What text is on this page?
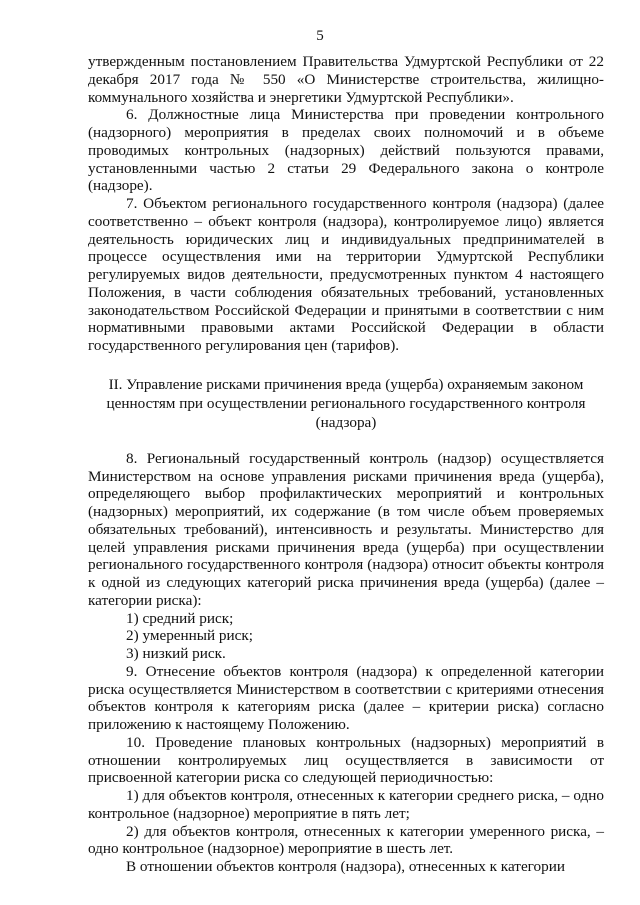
5

утвержденным постановлением Правительства Удмуртской Республики от 22 декабря 2017 года № 550 «О Министерстве строительства, жилищно-коммунального хозяйства и энергетики Удмуртской Республики».

6. Должностные лица Министерства при проведении контрольного (надзорного) мероприятия в пределах своих полномочий и в объеме проводимых контрольных (надзорных) действий пользуются правами, установленными частью 2 статьи 29 Федерального закона о контроле (надзоре).

7. Объектом регионального государственного контроля (надзора) (далее соответственно – объект контроля (надзора), контролируемое лицо) является деятельность юридических лиц и индивидуальных предпринимателей в процессе осуществления ими на территории Удмуртской Республики регулируемых видов деятельности, предусмотренных пунктом 4 настоящего Положения, в части соблюдения обязательных требований, установленных законодательством Российской Федерации и принятыми в соответствии с ним нормативными правовыми актами Российской Федерации в области государственного регулирования цен (тарифов).

II. Управление рисками причинения вреда (ущерба) охраняемым законом ценностям при осуществлении регионального государственного контроля (надзора)

8. Региональный государственный контроль (надзор) осуществляется Министерством на основе управления рисками причинения вреда (ущерба), определяющего выбор профилактических мероприятий и контрольных (надзорных) мероприятий, их содержание (в том числе объем проверяемых обязательных требований), интенсивность и результаты. Министерство для целей управления рисками причинения вреда (ущерба) при осуществлении регионального государственного контроля (надзора) относит объекты контроля к одной из следующих категорий риска причинения вреда (ущерба) (далее – категории риска):

1) средний риск;

2) умеренный риск;

3) низкий риск.

9. Отнесение объектов контроля (надзора) к определенной категории риска осуществляется Министерством в соответствии с критериями отнесения объектов контроля к категориям риска (далее – критерии риска) согласно приложению к настоящему Положению.

10. Проведение плановых контрольных (надзорных) мероприятий в отношении контролируемых лиц осуществляется в зависимости от присвоенной категории риска со следующей периодичностью:

1) для объектов контроля, отнесенных к категории среднего риска, – одно контрольное (надзорное) мероприятие в пять лет;

2) для объектов контроля, отнесенных к категории умеренного риска, – одно контрольное (надзорное) мероприятие в шесть лет.

В отношении объектов контроля (надзора), отнесенных к категории
